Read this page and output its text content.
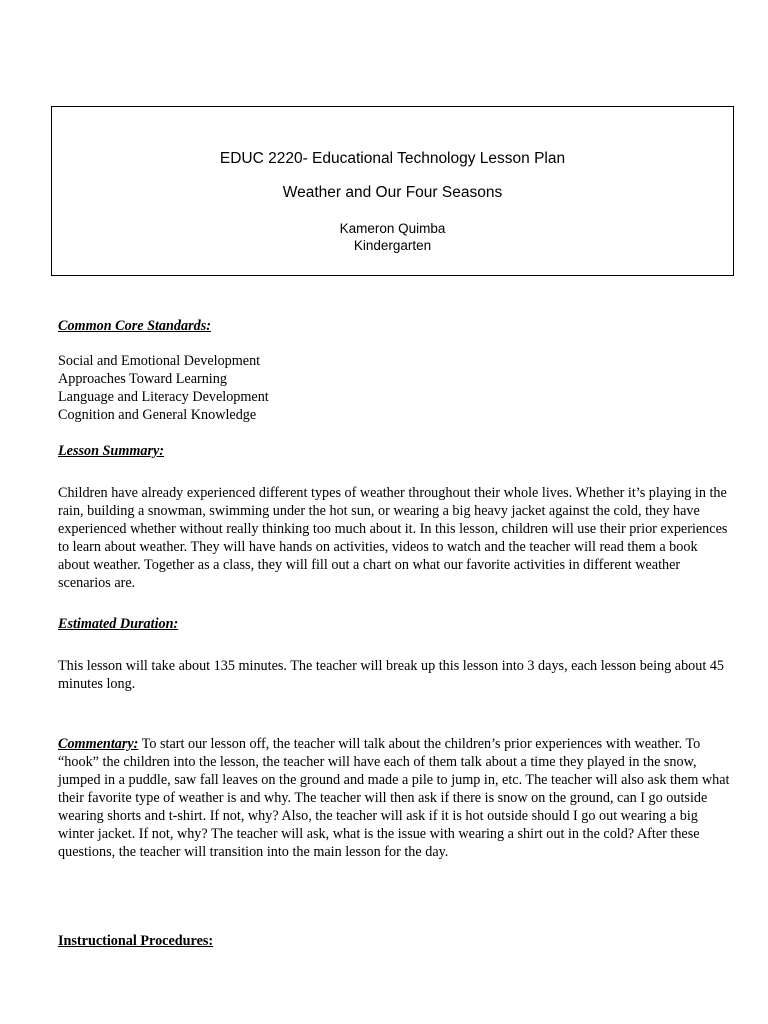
EDUC 2220- Educational Technology Lesson Plan
Weather and Our Four Seasons
Kameron Quimba
Kindergarten
Common Core Standards:
Social and Emotional Development
Approaches Toward Learning
Language and Literacy Development
Cognition and General Knowledge
Lesson Summary:

Children have already experienced different types of weather throughout their whole lives. Whether it’s playing in the rain, building a snowman, swimming under the hot sun, or wearing a big heavy jacket against the cold, they have experienced whether without really thinking too much about it. In this lesson, children will use their prior experiences to learn about weather. They will have hands on activities, videos to watch and the teacher will read them a book about weather. Together as a class, they will fill out a chart on what our favorite activities in different weather scenarios are.

Estimated Duration:

This lesson will take about 135 minutes. The teacher will break up this lesson into 3 days, each lesson being about 45 minutes long.

Commentary: To start our lesson off, the teacher will talk about the children’s prior experiences with weather. To “hook” the children into the lesson, the teacher will have each of them talk about a time they played in the snow, jumped in a puddle, saw fall leaves on the ground and made a pile to jump in, etc. The teacher will also ask them what their favorite type of weather is and why. The teacher will then ask if there is snow on the ground, can I go outside wearing shorts and t-shirt. If not, why? Also, the teacher will ask if it is hot outside should I go out wearing a big winter jacket. If not, why? The teacher will ask, what is the issue with wearing a shirt out in the cold? After these questions, the teacher will transition into the main lesson for the day.

Instructional Procedures:
